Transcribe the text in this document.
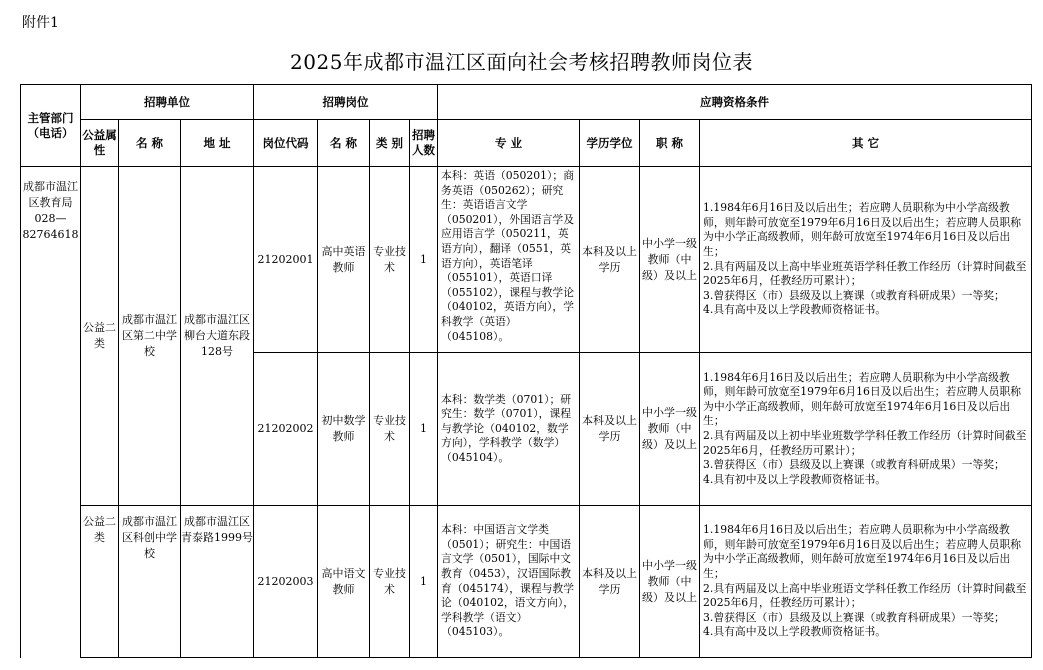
附件1
2025年成都市温江区面向社会考核招聘教师岗位表
主管部门（电话）	招聘单位			招聘岗位				应聘资格条件			
	公益属性	名 称	地 址	岗位代码	名 称	类 别	招聘人数	专 业	学历学位	职 称	其 它
成都市温江区教育局028—82764618	公益二类	成都市温江区第二中学校	成都市温江区柳台大道东段128号	21202001	高中英语教师	专业技术	1	本科：英语（050201）；商务英语（050262）；研究生：英语语言文学（050201），外国语言学及应用语言学（050211，英语方向），翻译（0551，英语方向），英语笔译（055101），英语口译（055102），课程与教学论（040102，英语方向），学科教学（英语）（045108）。	本科及以上学历	中小学一级教师（中级）及以上	1.1984年6月16日及以后出生；若应聘人员职称为中小学高级教师，则年龄可放宽至1979年6月16日及以后出生；若应聘人员职称为中小学正高级教师，则年龄可放宽至1974年6月16日及以后出生；
2.具有两届及以上高中毕业班英语学科任教工作经历（计算时间截至2025年6月，任教经历可累计）；
3.曾获得区（市）县级及以上赛课（或教育科研成果）一等奖；
4.具有高中及以上学段教师资格证书。

				21202002	初中数学教师	专业技术	1	本科：数学类（0701）；研究生：数学（0701），课程与教学论（040102，数学方向），学科教学（数学）（045104）。	本科及以上学历	中小学一级教师（中级）及以上	1.1984年6月16日及以后出生；若应聘人员职称为中小学高级教师，则年龄可放宽至1979年6月16日及以后出生；若应聘人员职称为中小学正高级教师，则年龄可放宽至1974年6月16日及以后出生；
2.具有两届及以上初中毕业班数学学科任教工作经历（计算时间截至2025年6月，任教经历可累计）；
3.曾获得区（市）县级及以上赛课（或教育科研成果）一等奖；
4.具有初中及以上学段教师资格证书。

	公益二类	成都市温江区科创中学校	成都市温江区青泰路1999号	21202003	高中语文教师	专业技术	1	本科：中国语言文学类（0501）；研究生：中国语言文学（0501），国际中文教育（0453），汉语国际教育（045174），课程与教学论（040102，语文方向），学科教学（语文）（045103）。	本科及以上学历	中小学一级教师（中级）及以上	1.1984年6月16日及以后出生；若应聘人员职称为中小学高级教师，则年龄可放宽至1979年6月16日及以后出生；若应聘人员职称为中小学正高级教师，则年龄可放宽至1974年6月16日及以后出生；
2.具有两届及以上高中毕业班语文学科任教工作经历（计算时间截至2025年6月，任教经历可累计）；
3.曾获得区（市）县级及以上赛课（或教育科研成果）一等奖；
4.具有高中及以上学段教师资格证书。
